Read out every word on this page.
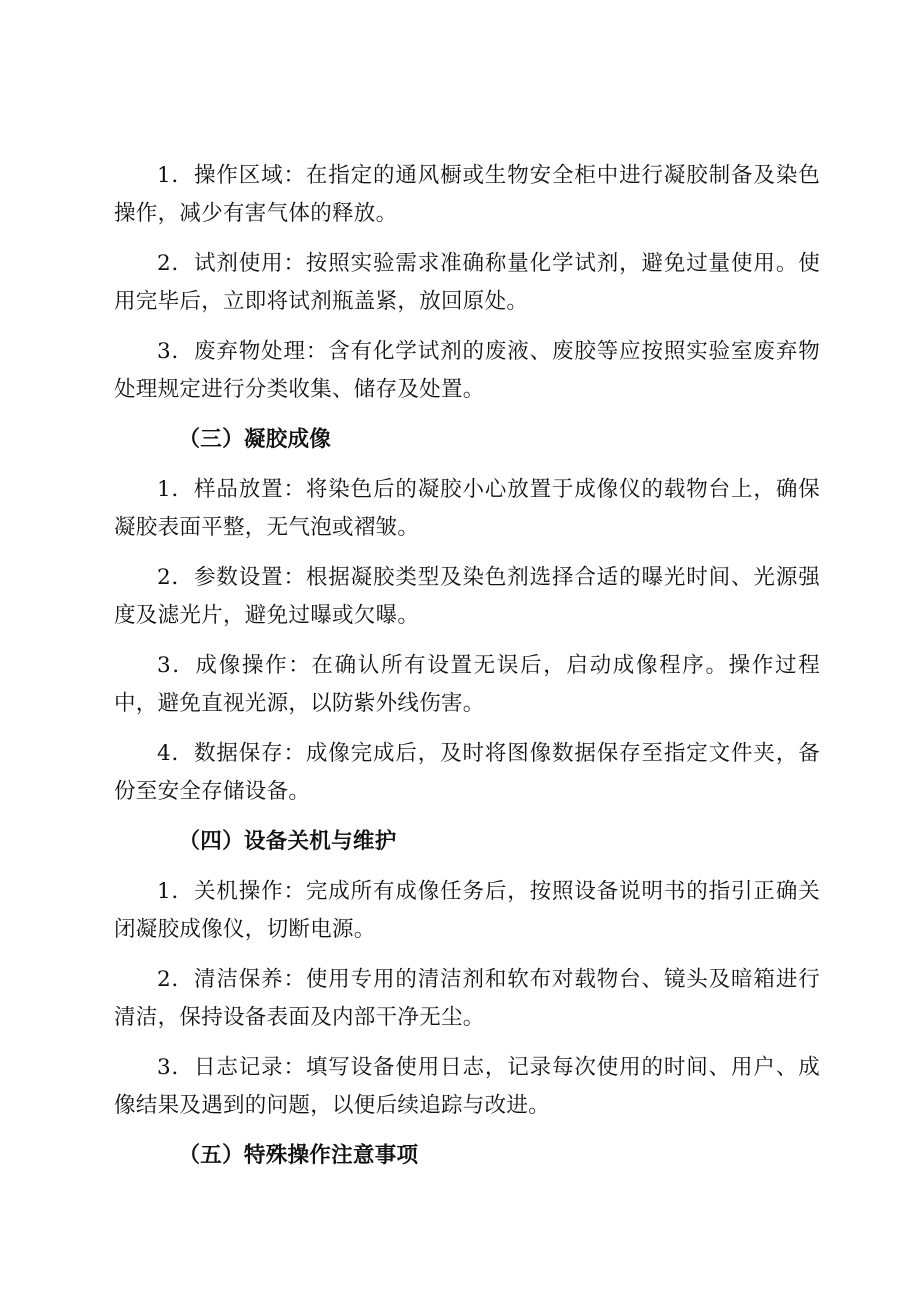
1．操作区域：在指定的通风橱或生物安全柜中进行凝胶制备及染色操作，减少有害气体的释放。

2．试剂使用：按照实验需求准确称量化学试剂，避免过量使用。使用完毕后，立即将试剂瓶盖紧，放回原处。

3．废弃物处理：含有化学试剂的废液、废胶等应按照实验室废弃物处理规定进行分类收集、储存及处置。

（三）凝胶成像

1．样品放置：将染色后的凝胶小心放置于成像仪的载物台上，确保凝胶表面平整，无气泡或褶皱。

2．参数设置：根据凝胶类型及染色剂选择合适的曝光时间、光源强度及滤光片，避免过曝或欠曝。

3．成像操作：在确认所有设置无误后，启动成像程序。操作过程中，避免直视光源，以防紫外线伤害。

4．数据保存：成像完成后，及时将图像数据保存至指定文件夹，备份至安全存储设备。

（四）设备关机与维护

1．关机操作：完成所有成像任务后，按照设备说明书的指引正确关闭凝胶成像仪，切断电源。

2．清洁保养：使用专用的清洁剂和软布对载物台、镜头及暗箱进行清洁，保持设备表面及内部干净无尘。

3．日志记录：填写设备使用日志，记录每次使用的时间、用户、成像结果及遇到的问题，以便后续追踪与改进。

（五）特殊操作注意事项
